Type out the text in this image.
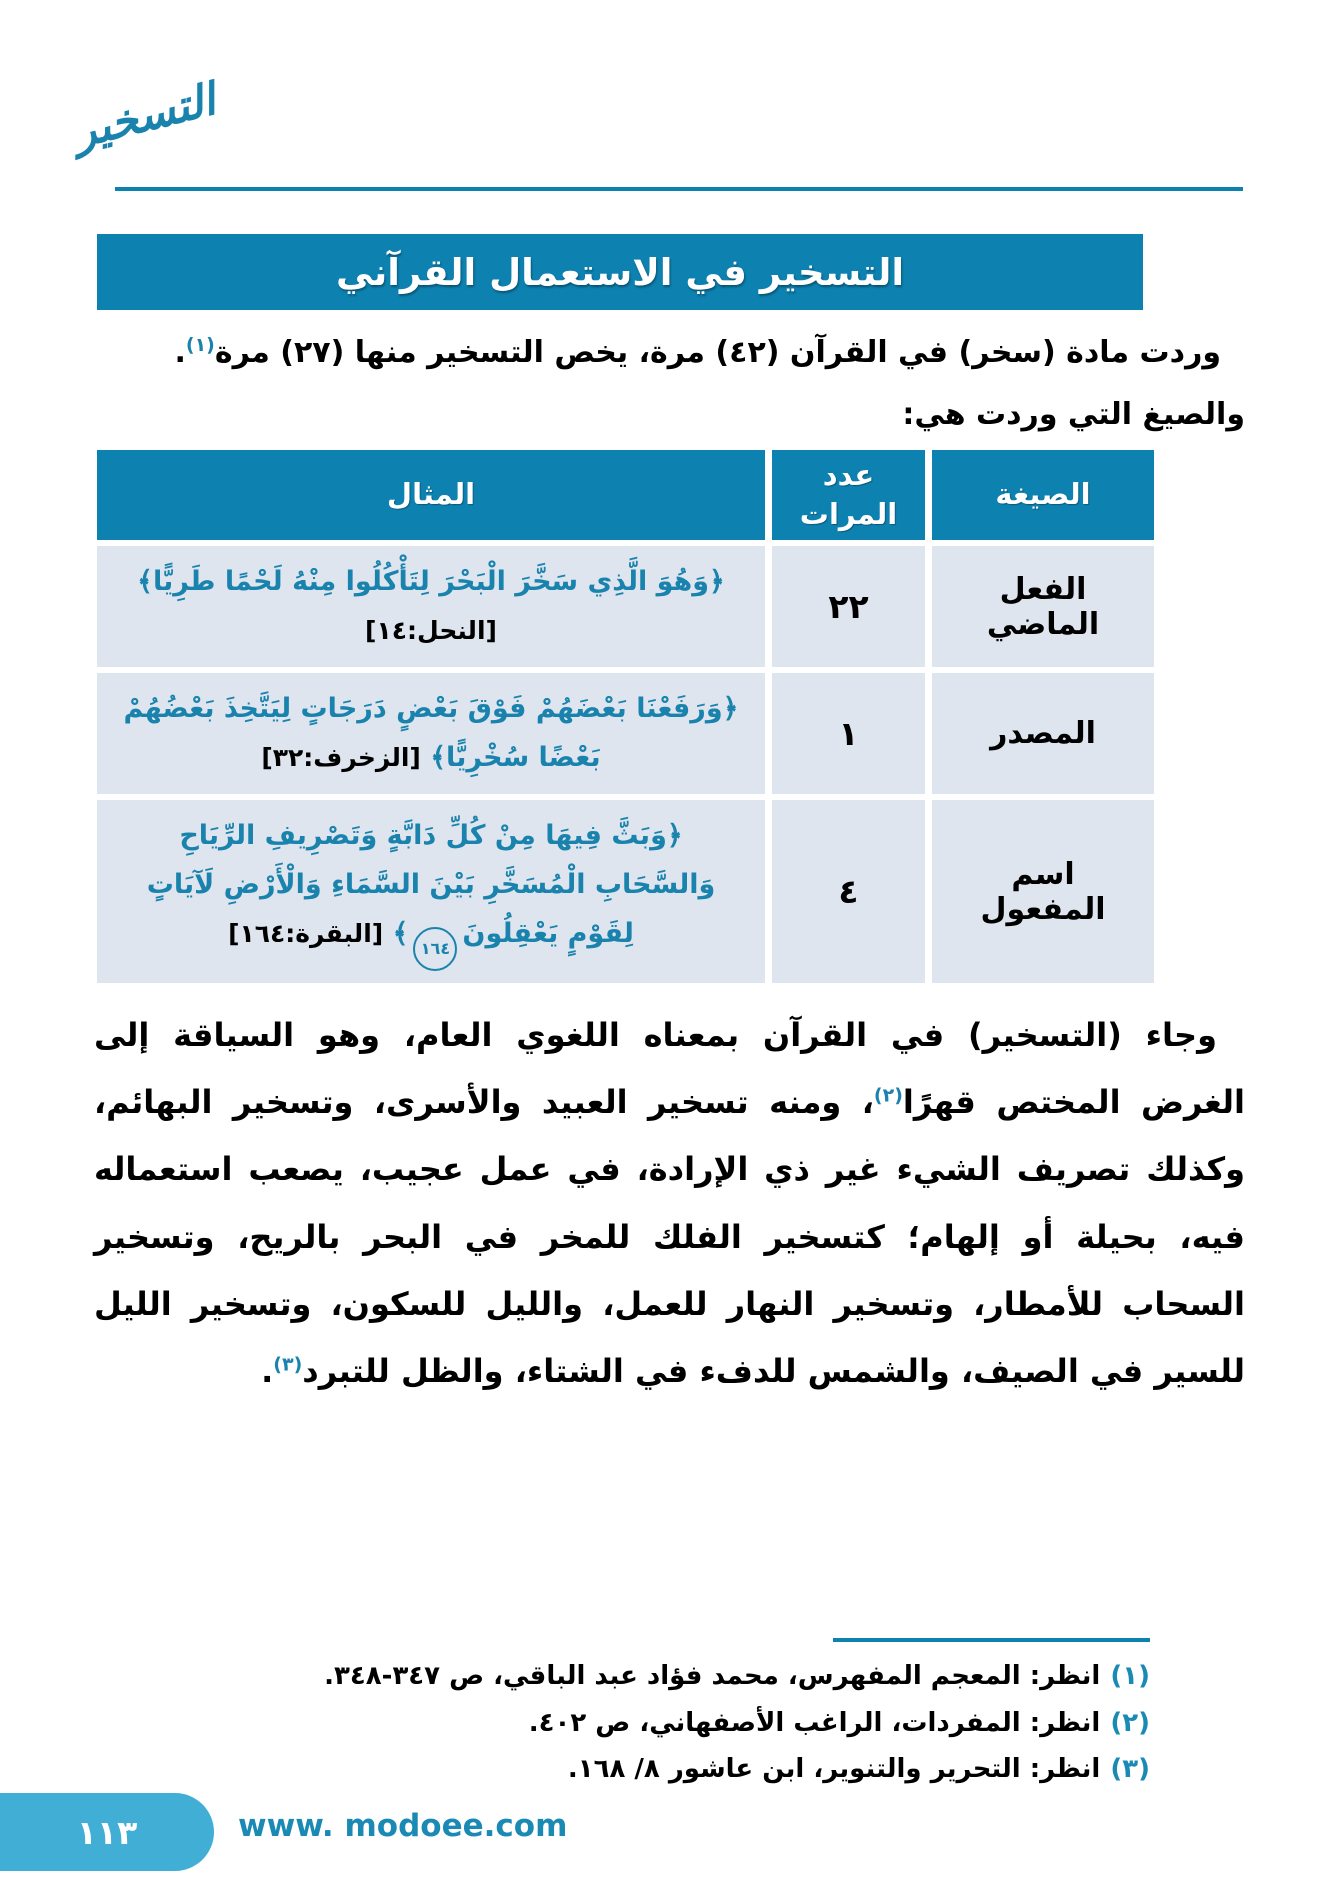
التسخير
التسخير في الاستعمال القرآني

وردت مادة (سخر) في القرآن (٤٢) مرة، يخص التسخير منها (٢٧) مرة$^{(١)}$.

والصيغ التي وردت هي:

الصيغة
عدد
المرات
المثال
الفعل الماضي
٢٢
﴿وَهُوَ الَّذِي سَخَّرَ الْبَحْرَ لِتَأْكُلُوا مِنْهُ لَحْمًا طَرِيًّا﴾ [النحل:١٤]
المصدر
١
﴿وَرَفَعْنَا بَعْضَهُمْ فَوْقَ بَعْضٍ دَرَجَاتٍ لِيَتَّخِذَ بَعْضُهُمْ بَعْضًا سُخْرِيًّا﴾ [الزخرف:٣٢]
اسم المفعول
٤
﴿وَبَثَّ فِيهَا مِنْ كُلِّ دَابَّةٍ وَتَصْرِيفِ الرِّيَاحِ وَالسَّحَابِ الْمُسَخَّرِ بَيْنَ السَّمَاءِ وَالْأَرْضِ لَآيَاتٍ لِقَوْمٍ يَعْقِلُونَ١٦٤﴾ [البقرة:١٦٤]

وجاء (التسخير) في القرآن بمعناه اللغوي العام، وهو السياقة إلى الغرض المختص قهرًا$^{(٢)}$، ومنه تسخير العبيد والأسرى، وتسخير البهائم، وكذلك تصريف الشيء غير ذي الإرادة، في عمل عجيب، يصعب استعماله فيه، بحيلة أو إلهام؛ كتسخير الفلك للمخر في البحر بالريح، وتسخير السحاب للأمطار، وتسخير النهار للعمل، والليل للسكون، وتسخير الليل للسير في الصيف، والشمس للدفء في الشتاء، والظل للتبرد$^{(٣)}$.

(١)انظر: المعجم المفهرس، محمد فؤاد عبد الباقي، ص ٣٤٧-٣٤٨.

(٢)انظر: المفردات، الراغب الأصفهاني، ص ٤٠٢.

(٣)انظر: التحرير والتنوير، ابن عاشور ٨/ ١٦٨.

١١٣	www. modoee.com
